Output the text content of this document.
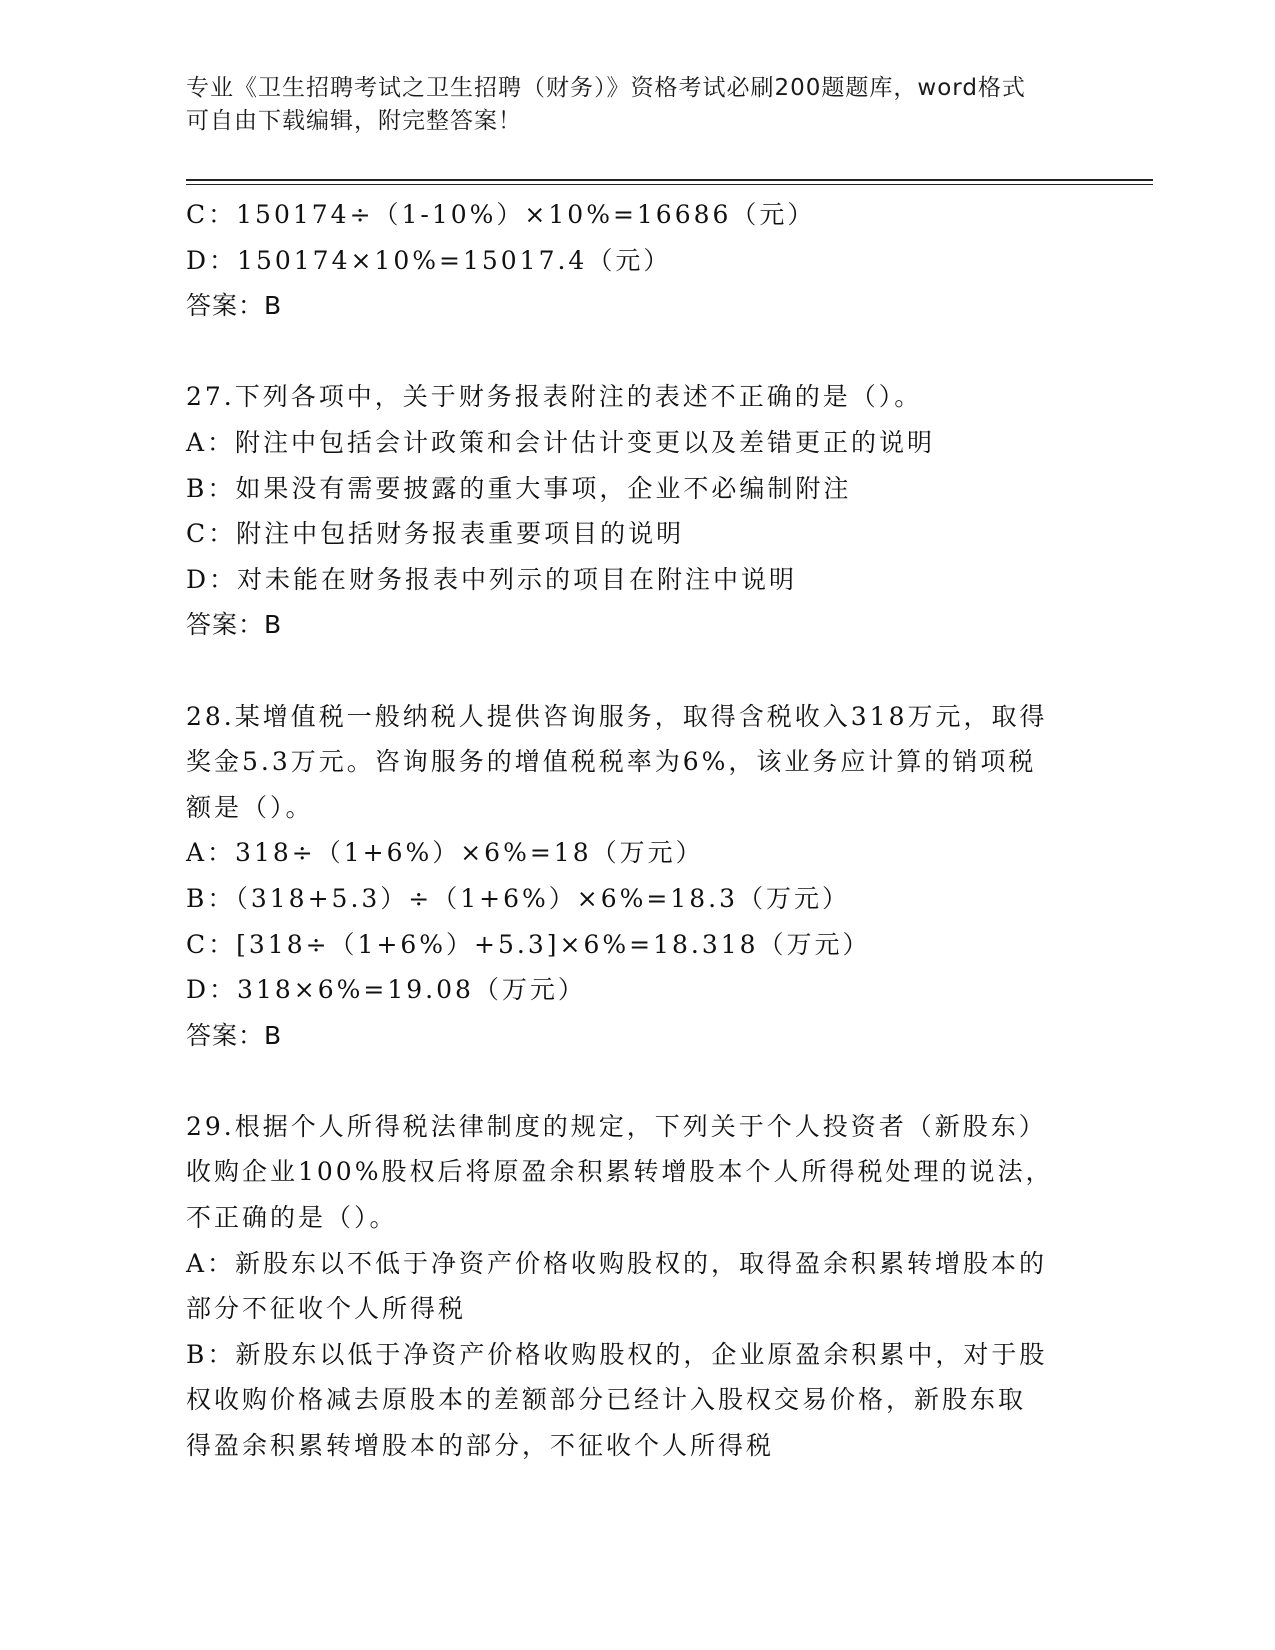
专业《卫生招聘考试之卫生招聘（财务）》资格考试必刷200题题库，word格式
可自由下载编辑，附完整答案！

C：150174÷（1-10%）×10%=16686（元）

D：150174×10%=15017.4（元）

答案：B

27.下列各项中，关于财务报表附注的表述不正确的是（）。

A：附注中包括会计政策和会计估计变更以及差错更正的说明

B：如果没有需要披露的重大事项，企业不必编制附注

C：附注中包括财务报表重要项目的说明

D：对未能在财务报表中列示的项目在附注中说明

答案：B

28.某增值税一般纳税人提供咨询服务，取得含税收入318万元，取得

奖金5.3万元。咨询服务的增值税税率为6%，该业务应计算的销项税

额是（）。

A：318÷（1+6%）×6%=18（万元）

B：（318+5.3）÷（1+6%）×6%=18.3（万元）

C：[318÷（1+6%）+5.3]×6%=18.318（万元）

D：318×6%=19.08（万元）

答案：B

29.根据个人所得税法律制度的规定，下列关于个人投资者（新股东）

收购企业100%股权后将原盈余积累转增股本个人所得税处理的说法，

不正确的是（）。

A：新股东以不低于净资产价格收购股权的，取得盈余积累转增股本的

部分不征收个人所得税

B：新股东以低于净资产价格收购股权的，企业原盈余积累中，对于股

权收购价格减去原股本的差额部分已经计入股权交易价格，新股东取

得盈余积累转增股本的部分，不征收个人所得税
